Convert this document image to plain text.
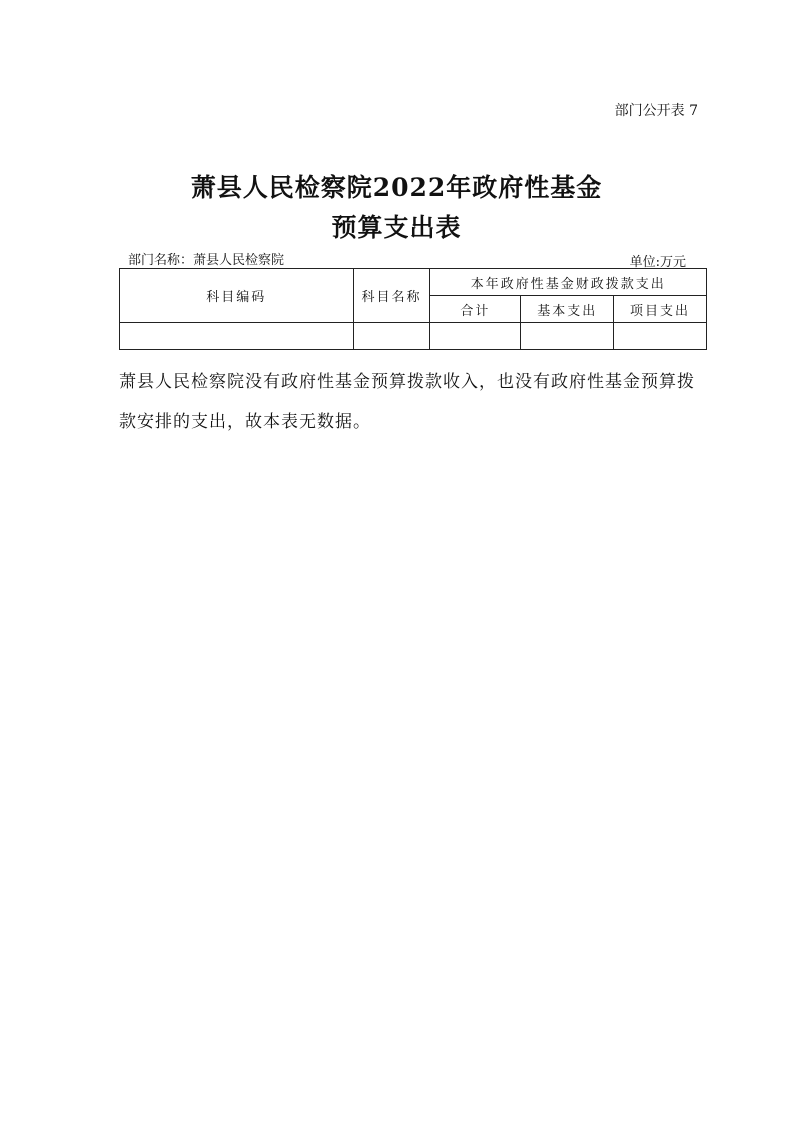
部门公开表 7
萧县人民检察院2022年政府性基金
预算支出表
部门名称：萧县人民检察院	单位:万元
科目编码	科目名称	本年政府性基金财政拨款支出		
		合计	基本支出	项目支出

萧县人民检察院没有政府性基金预算拨款收入，也没有政府性基金预算拨款安排的支出，故本表无数据。
